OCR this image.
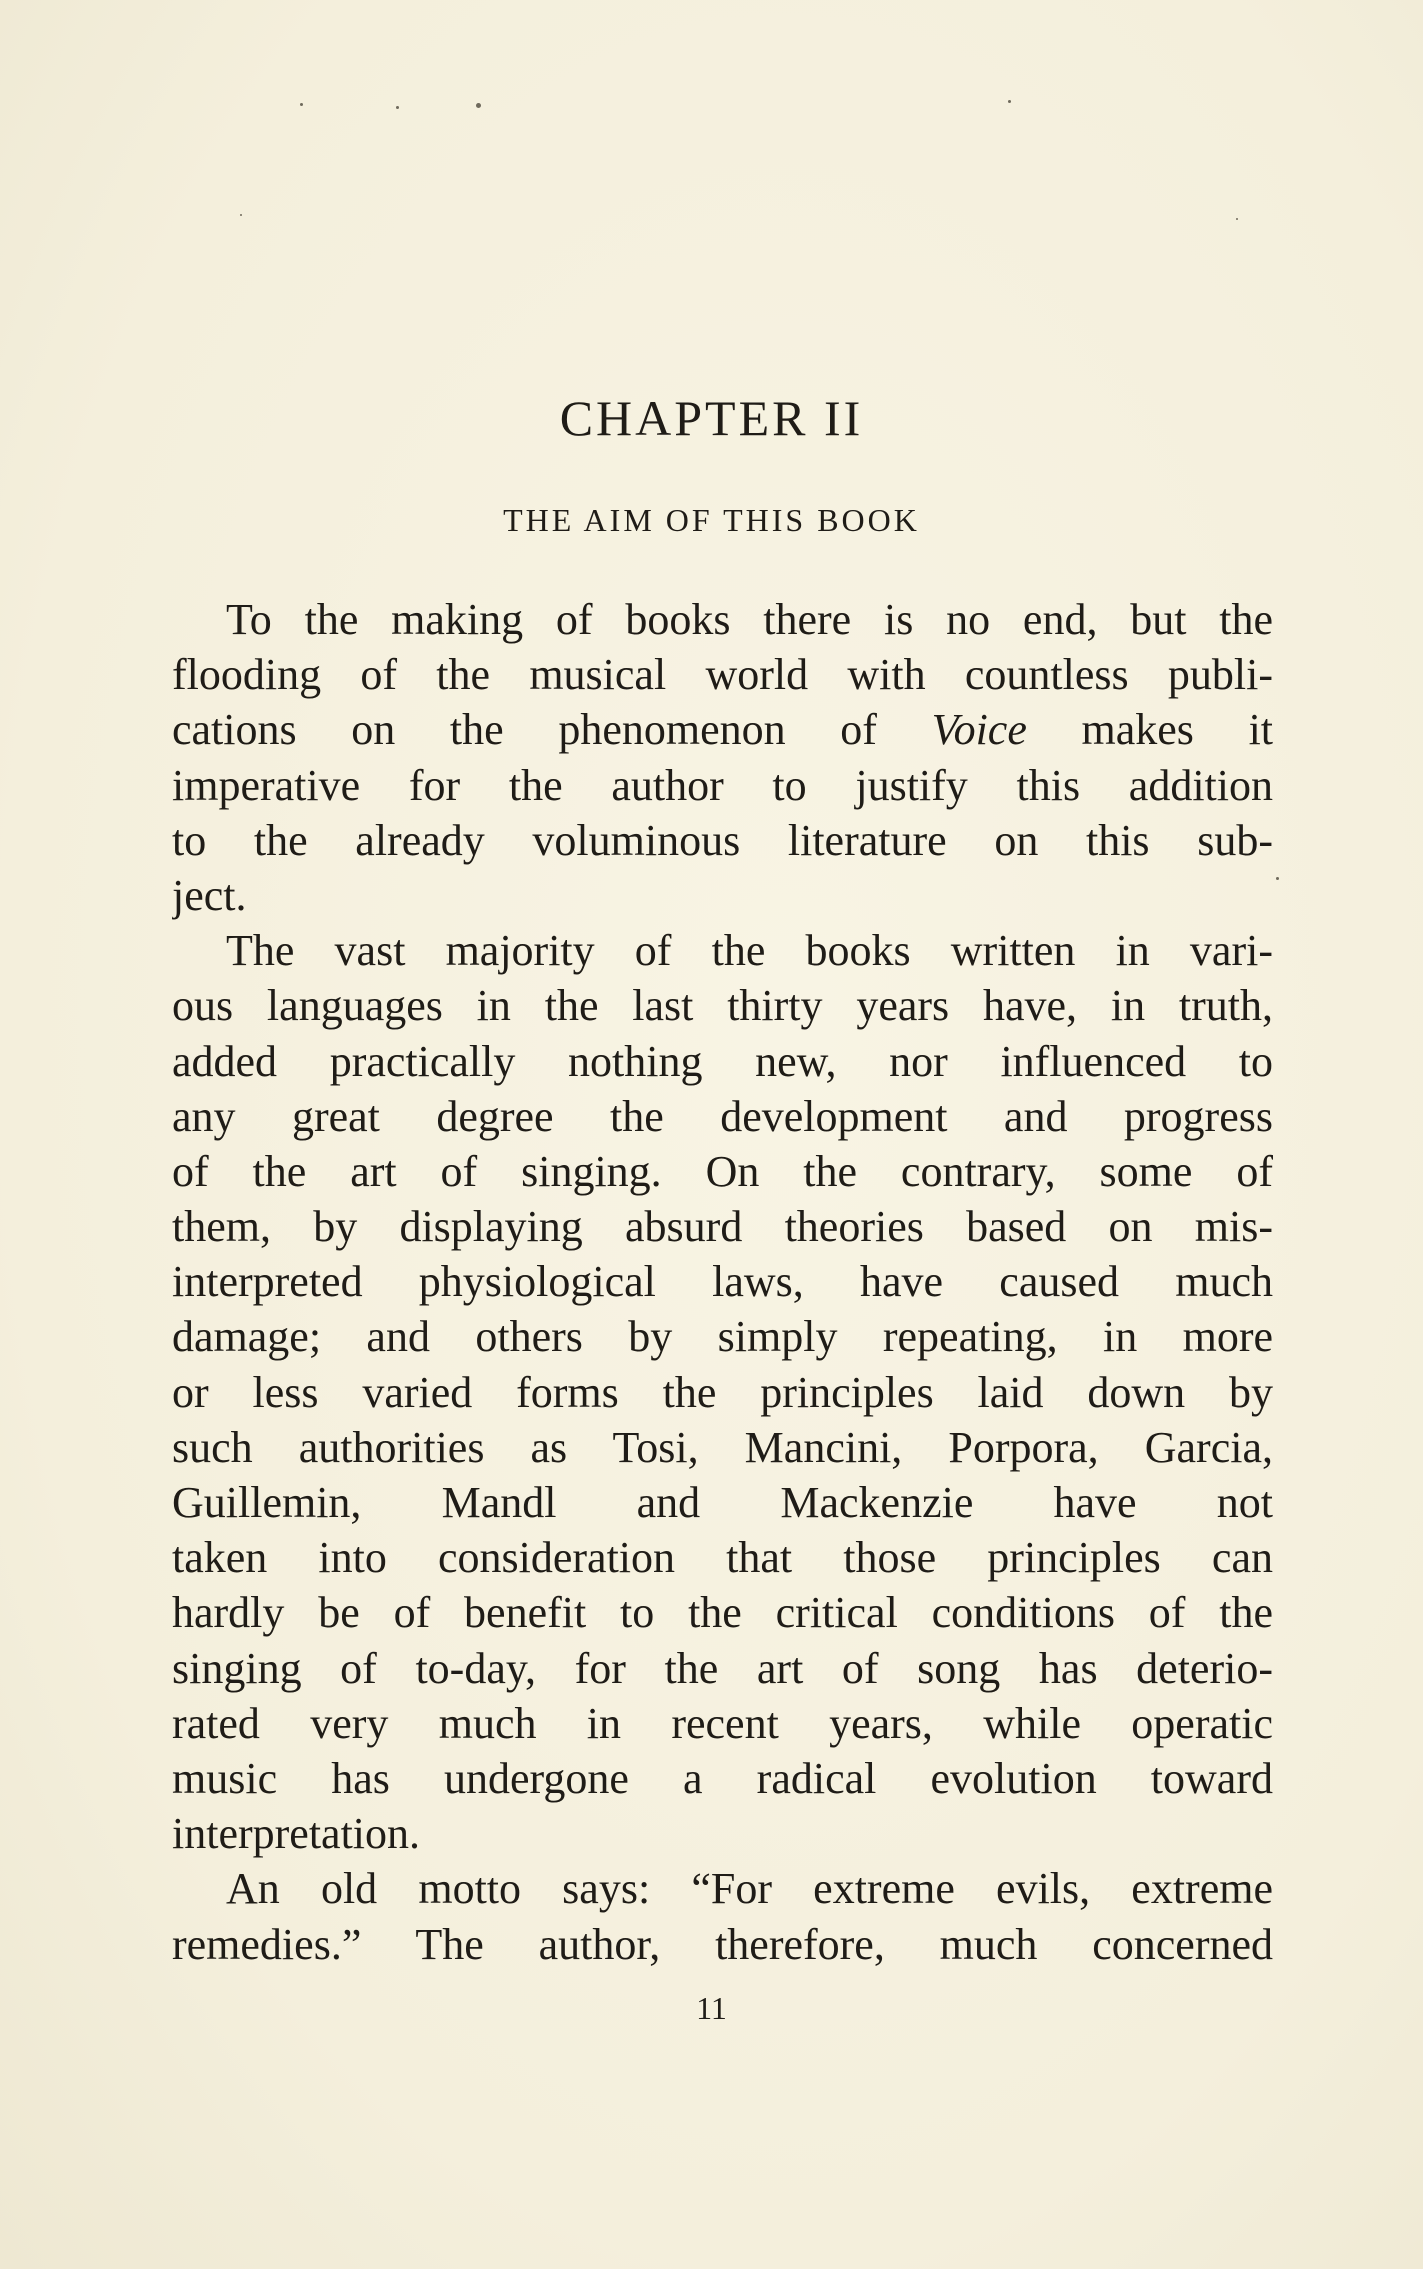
CHAPTER II
THE AIM OF THIS BOOK
To the making of books there is no end, but the
flooding of the musical world with countless publi-
cations on the phenomenon of Voice makes it
imperative for the author to justify this addition
to the already voluminous literature on this sub-
ject.
The vast majority of the books written in vari-
ous languages in the last thirty years have, in truth,
added practically nothing new, nor influenced to
any great degree the development and progress
of the art of singing. On the contrary, some of
them, by displaying absurd theories based on mis-
interpreted physiological laws, have caused much
damage; and others by simply repeating, in more
or less varied forms the principles laid down by
such authorities as Tosi, Mancini, Porpora, Garcia,
Guillemin, Mandl and Mackenzie have not
taken into consideration that those principles can
hardly be of benefit to the critical conditions of the
singing of to-day, for the art of song has deterio-
rated very much in recent years, while operatic
music has undergone a radical evolution toward
interpretation.
An old motto says: “For extreme evils, extreme
remedies.” The author, therefore, much concerned
11
